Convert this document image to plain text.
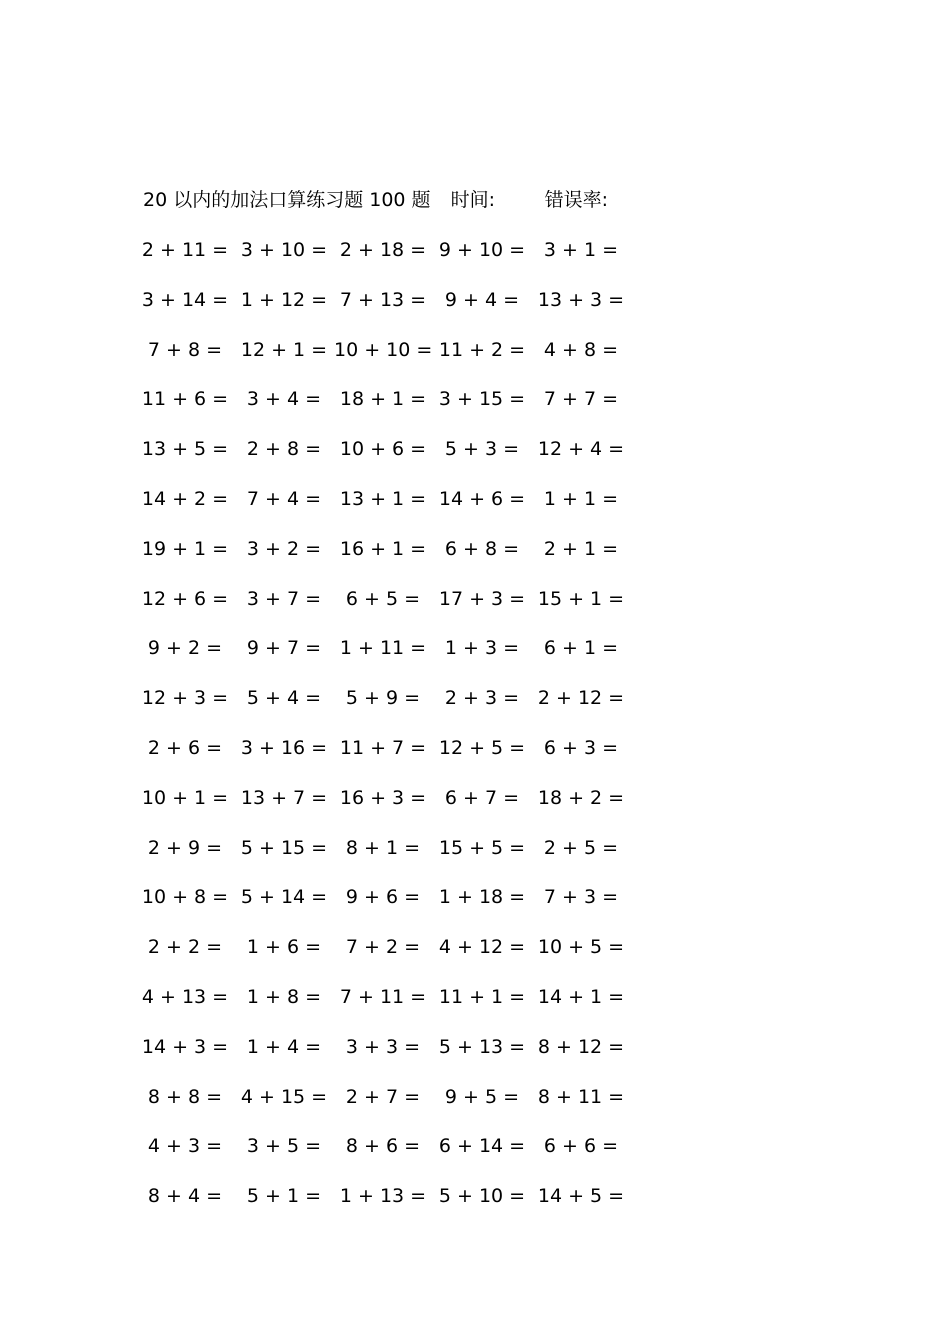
20 以内的加法口算练习题 100 题 时间:	错误率:
2 + 11 = 3 + 10 = 2 + 18 = 9 + 10 = 3 + 1 =
3 + 14 = 1 + 12 = 7 + 13 = 9 + 4 = 13 + 3 =
7 + 8 = 12 + 1 = 10 + 10 = 11 + 2 = 4 + 8 =
11 + 6 = 3 + 4 = 18 + 1 = 3 + 15 = 7 + 7 =
13 + 5 = 2 + 8 = 10 + 6 = 5 + 3 = 12 + 4 =
14 + 2 = 7 + 4 = 13 + 1 = 14 + 6 = 1 + 1 =
19 + 1 = 3 + 2 = 16 + 1 = 6 + 8 =	2 + 1 =
12 + 6 = 3 + 7 =	6 + 5 = 17 + 3 = 15 + 1 =
9 + 2 =	9 + 7 = 1 + 11 = 1 + 3 =	6 + 1 =
12 + 3 = 5 + 4 =	5 + 9 =	2 + 3 = 2 + 12 =
2 + 6 = 3 + 16 = 11 + 7 = 12 + 5 = 6 + 3 =
10 + 1 = 13 + 7 = 16 + 3 = 6 + 7 = 18 + 2 =
2 + 9 = 5 + 15 = 8 + 1 = 15 + 5 = 2 + 5 =
10 + 8 = 5 + 14 = 9 + 6 = 1 + 18 = 7 + 3 =
2 + 2 =	1 + 6 =	7 + 2 = 4 + 12 = 10 + 5 =
4 + 13 = 1 + 8 = 7 + 11 = 11 + 1 = 14 + 1 =
14 + 3 = 1 + 4 =	3 + 3 = 5 + 13 = 8 + 12 =
8 + 8 = 4 + 15 = 2 + 7 =	9 + 5 = 8 + 11 =
4 + 3 =	3 + 5 =	8 + 6 = 6 + 14 = 6 + 6 =
8 + 4 =	5 + 1 = 1 + 13 = 5 + 10 = 14 + 5 =
